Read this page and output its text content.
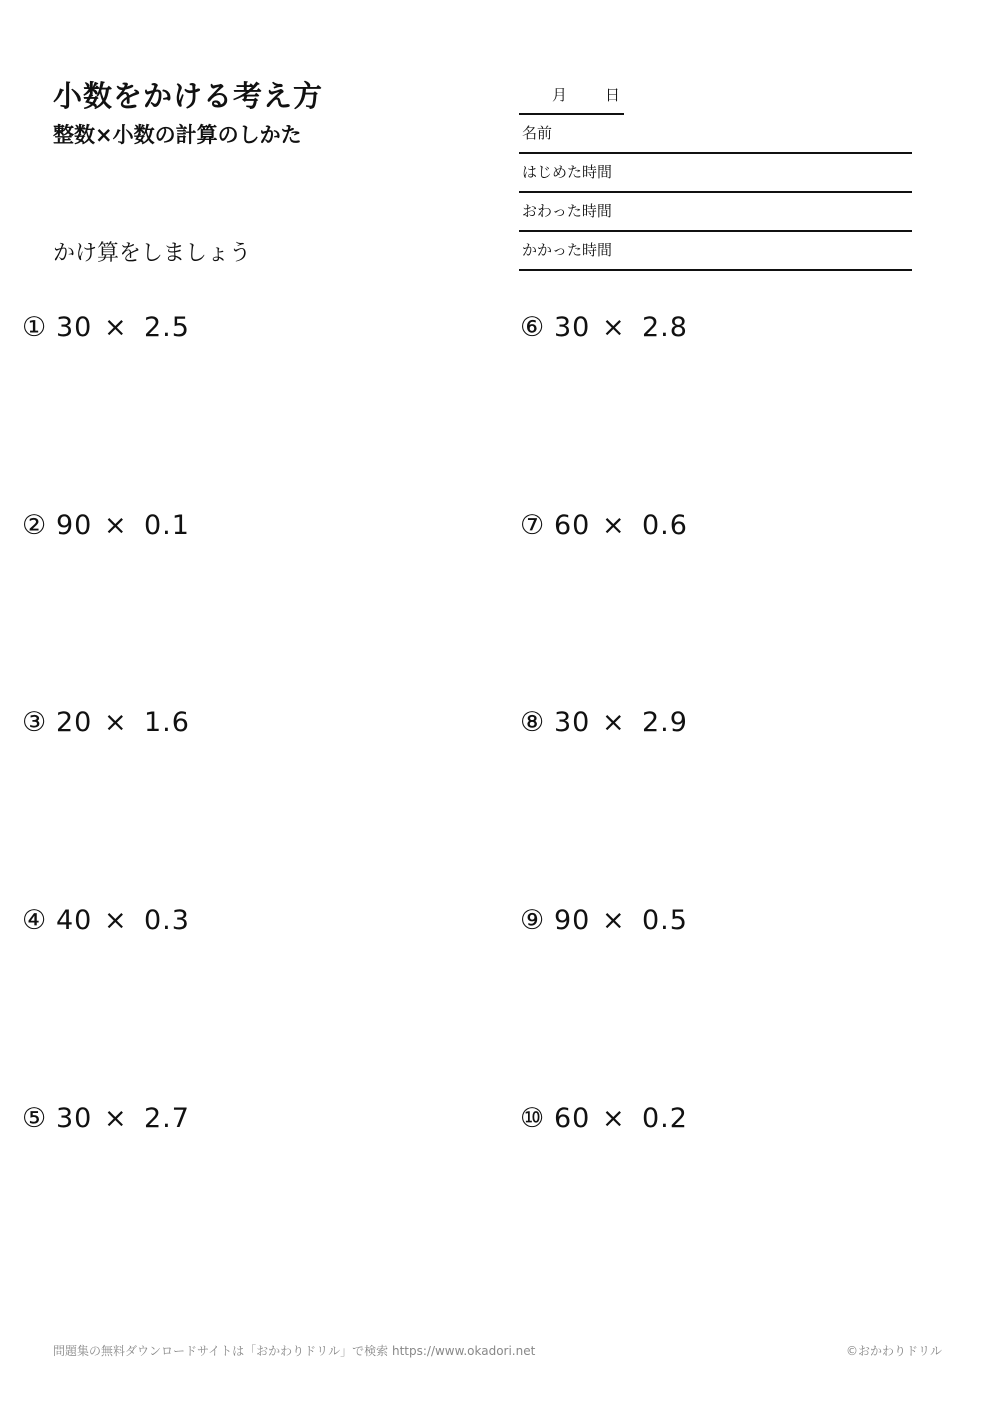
小数をかける考え方
整数×小数の計算のしかた
かけ算をしましょう
月	日
名前
はじめた時間
おわった時間
かかった時間
① 30 × 2.5
② 90 × 0.1
③ 20 × 1.6
④ 40 × 0.3
⑤ 30 × 2.7
⑥ 30 × 2.8
⑦ 60 × 0.6
⑧ 30 × 2.9
⑨ 90 × 0.5
⑩ 60 × 0.2
問題集の無料ダウンロードサイトは「おかわりドリル」で検索 https://www.okadori.net	©おかわりドリル
